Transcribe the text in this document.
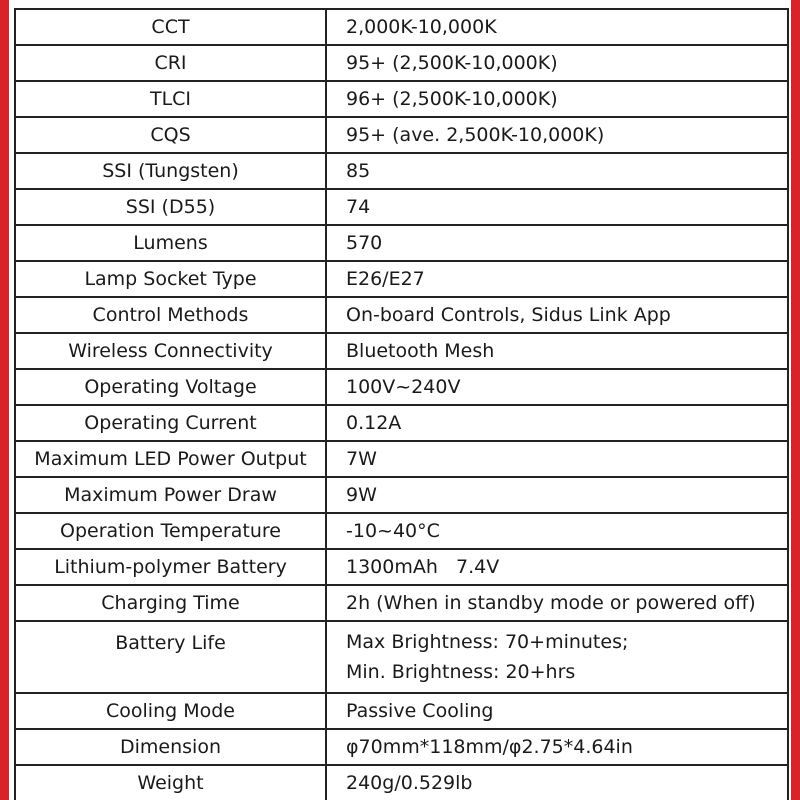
CCT	2,000K-10,000K
CRI	95+ (2,500K-10,000K)
TLCI	96+ (2,500K-10,000K)
CQS	95+ (ave. 2,500K-10,000K)
SSI (Tungsten)	85
SSI (D55)	74
Lumens	570
Lamp Socket Type	E26/E27
Control Methods	On-board Controls, Sidus Link App
Wireless Connectivity	Bluetooth Mesh
Operating Voltage	100V~240V
Operating Current	0.12A
Maximum LED Power Output	7W
Maximum Power Draw	9W
Operation Temperature	-10~40°C
Lithium-polymer Battery	1300mAh   7.4V
Charging Time	2h (When in standby mode or powered off)
Battery Life	Max Brightness: 70+minutes;
Min. Brightness: 20+hrs

Cooling Mode	Passive Cooling
Dimension	φ70mm*118mm/φ2.75*4.64in
Weight	240g/0.529lb
